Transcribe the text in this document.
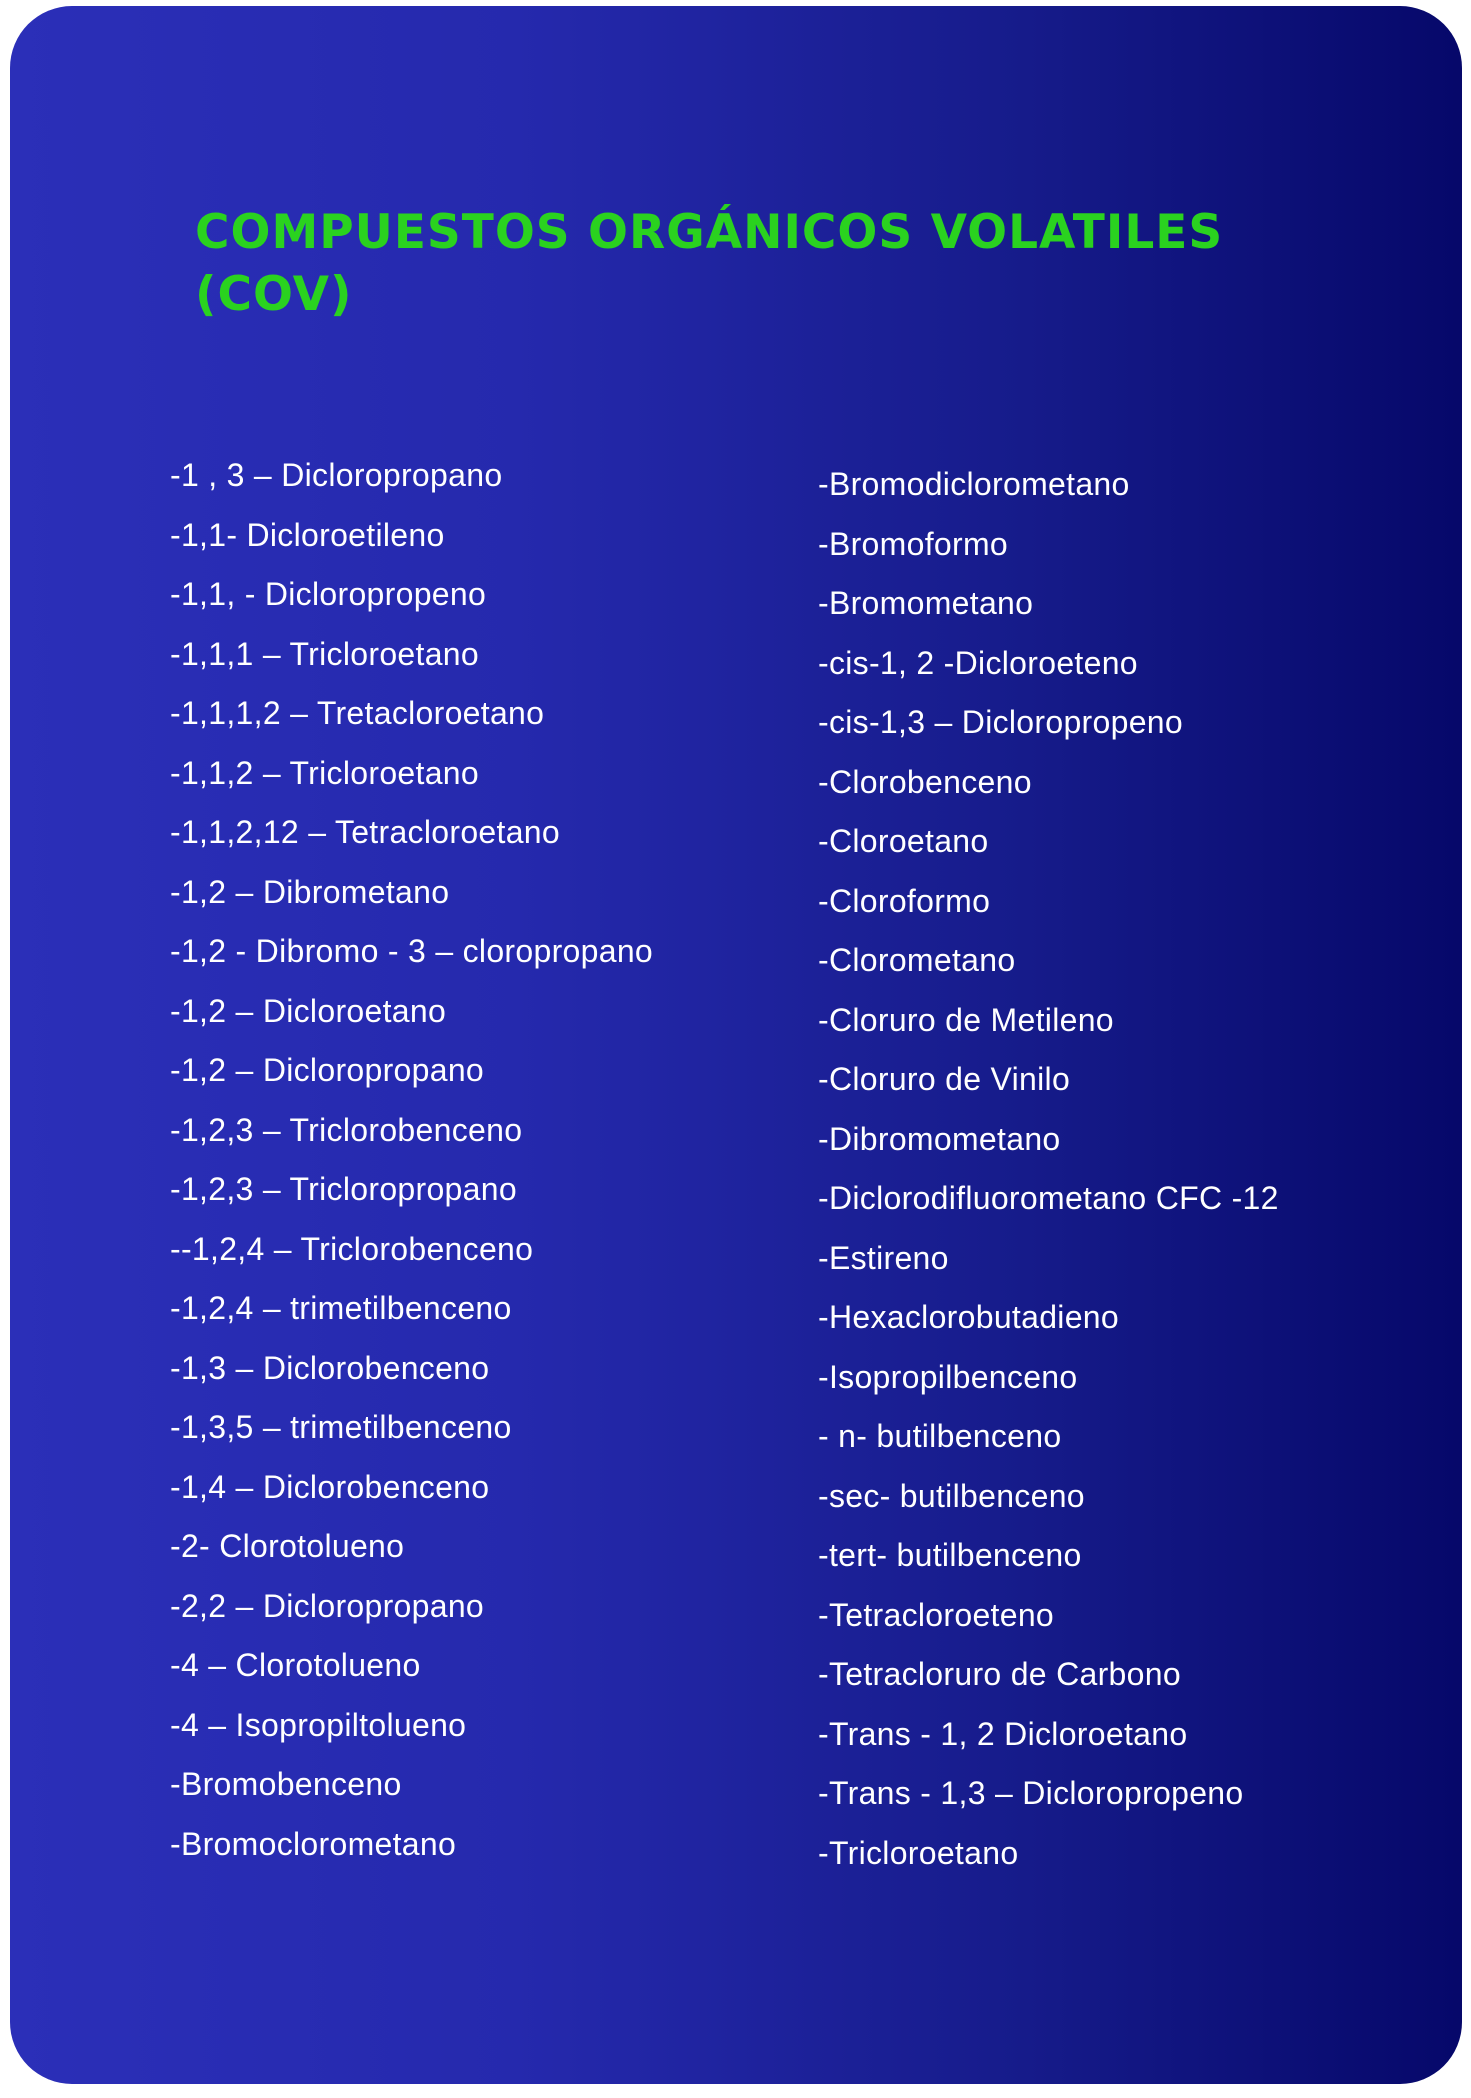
COMPUESTOS ORGÁNICOS VOLATILES
(COV)
-1 , 3 – Dicloropropano
-1,1- Dicloroetileno
-1,1, - Dicloropropeno
-1,1,1 – Tricloroetano
-1,1,1,2 – Tretacloroetano
-1,1,2 – Tricloroetano
-1,1,2,12 – Tetracloroetano
-1,2 – Dibrometano
-1,2 - Dibromo - 3 – cloropropano
-1,2 – Dicloroetano
-1,2 – Dicloropropano
-1,2,3 – Triclorobenceno
-1,2,3 – Tricloropropano
--1,2,4 – Triclorobenceno
-1,2,4 – trimetilbenceno
-1,3 – Diclorobenceno
-1,3,5 – trimetilbenceno
-1,4 – Diclorobenceno
-2- Clorotolueno
-2,2 – Dicloropropano
-4 – Clorotolueno
-4 – Isopropiltolueno
-Bromobenceno
-Bromoclorometano
-Bromodiclorometano
-Bromoformo
-Bromometano
-cis-1, 2 -Dicloroeteno
-cis-1,3 – Dicloropropeno
-Clorobenceno
-Cloroetano
-Cloroformo
-Clorometano
-Cloruro de Metileno
-Cloruro de Vinilo
-Dibromometano
-Diclorodifluorometano CFC -12
-Estireno
-Hexaclorobutadieno
-Isopropilbenceno
- n- butilbenceno
-sec- butilbenceno
-tert- butilbenceno
-Tetracloroeteno
-Tetracloruro de Carbono
-Trans - 1, 2 Dicloroetano
-Trans - 1,3 – Dicloropropeno
-Tricloroetano
